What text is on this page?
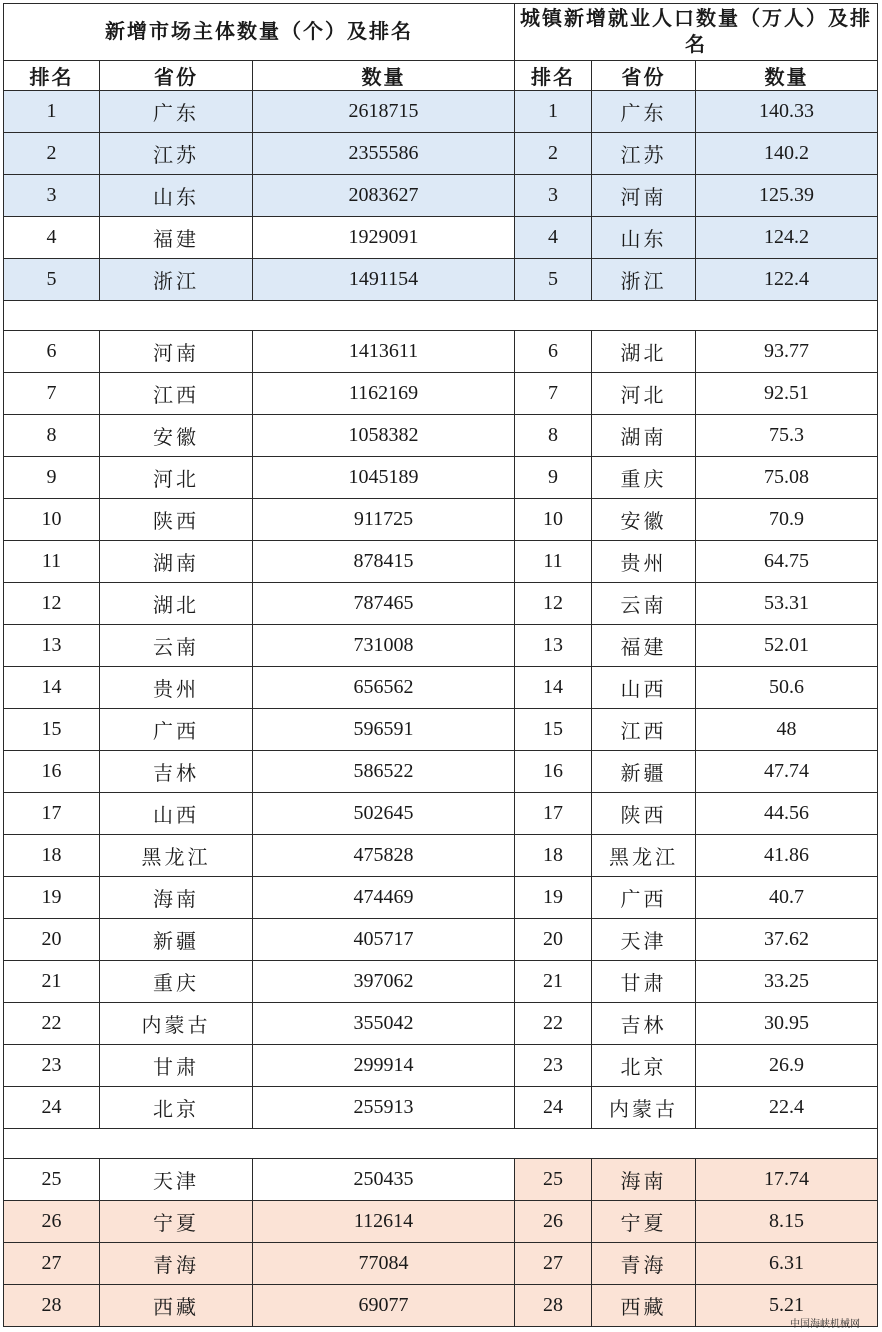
新增市场主体数量（个）及排名			城镇新增就业人口数量（万人）及排名		
排名	省份	数量	排名	省份	数量
1	广东	2618715	1	广东	140.33
2	江苏	2355586	2	江苏	140.2
3	山东	2083627	3	河南	125.39
4	福建	1929091	4	山东	124.2
5	浙江	1491154	5	浙江	122.4

6	河南	1413611	6	湖北	93.77
7	江西	1162169	7	河北	92.51
8	安徽	1058382	8	湖南	75.3
9	河北	1045189	9	重庆	75.08
10	陕西	911725	10	安徽	70.9
11	湖南	878415	11	贵州	64.75
12	湖北	787465	12	云南	53.31
13	云南	731008	13	福建	52.01
14	贵州	656562	14	山西	50.6
15	广西	596591	15	江西	48
16	吉林	586522	16	新疆	47.74
17	山西	502645	17	陕西	44.56
18	黑龙江	475828	18	黑龙江	41.86
19	海南	474469	19	广西	40.7
20	新疆	405717	20	天津	37.62
21	重庆	397062	21	甘肃	33.25
22	内蒙古	355042	22	吉林	30.95
23	甘肃	299914	23	北京	26.9
24	北京	255913	24	内蒙古	22.4

25	天津	250435	25	海南	17.74
26	宁夏	112614	26	宁夏	8.15
27	青海	77084	27	青海	6.31
28	西藏	69077	28	西藏	5.21
中国海峡机械网
